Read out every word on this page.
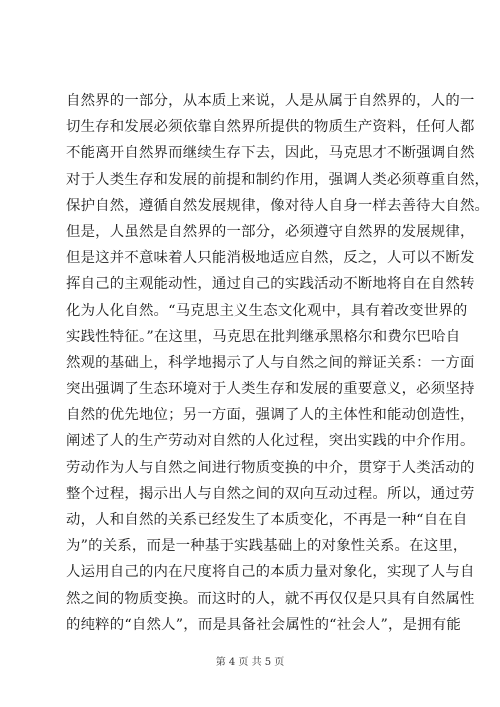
自然界的一部分，从本质上来说，人是从属于自然界的，人的一
切生存和发展必须依靠自然界所提供的物质生产资料，任何人都
不能离开自然界而继续生存下去，因此，马克思才不断强调自然
对于人类生存和发展的前提和制约作用，强调人类必须尊重自然，
保护自然，遵循自然发展规律，像对待人自身一样去善待大自然。
但是，人虽然是自然界的一部分，必须遵守自然界的发展规律，
但是这并不意味着人只能消极地适应自然，反之，人可以不断发
挥自己的主观能动性，通过自己的实践活动不断地将自在自然转
化为人化自然。“马克思主义生态文化观中，具有着改变世界的
实践性特征。”在这里，马克思在批判继承黑格尔和费尔巴哈自
然观的基础上，科学地揭示了人与自然之间的辩证关系：一方面
突出强调了生态环境对于人类生存和发展的重要意义，必须坚持
自然的优先地位；另一方面，强调了人的主体性和能动创造性，
阐述了人的生产劳动对自然的人化过程，突出实践的中介作用。
劳动作为人与自然之间进行物质变换的中介，贯穿于人类活动的
整个过程，揭示出人与自然之间的双向互动过程。所以，通过劳
动，人和自然的关系已经发生了本质变化，不再是一种“自在自
为”的关系，而是一种基于实践基础上的对象性关系。在这里，
人运用自己的内在尺度将自己的本质力量对象化，实现了人与自
然之间的物质变换。而这时的人，就不再仅仅是只具有自然属性
的纯粹的“自然人”，而是具备社会属性的“社会人”，是拥有能
第 4 页 共 5 页
